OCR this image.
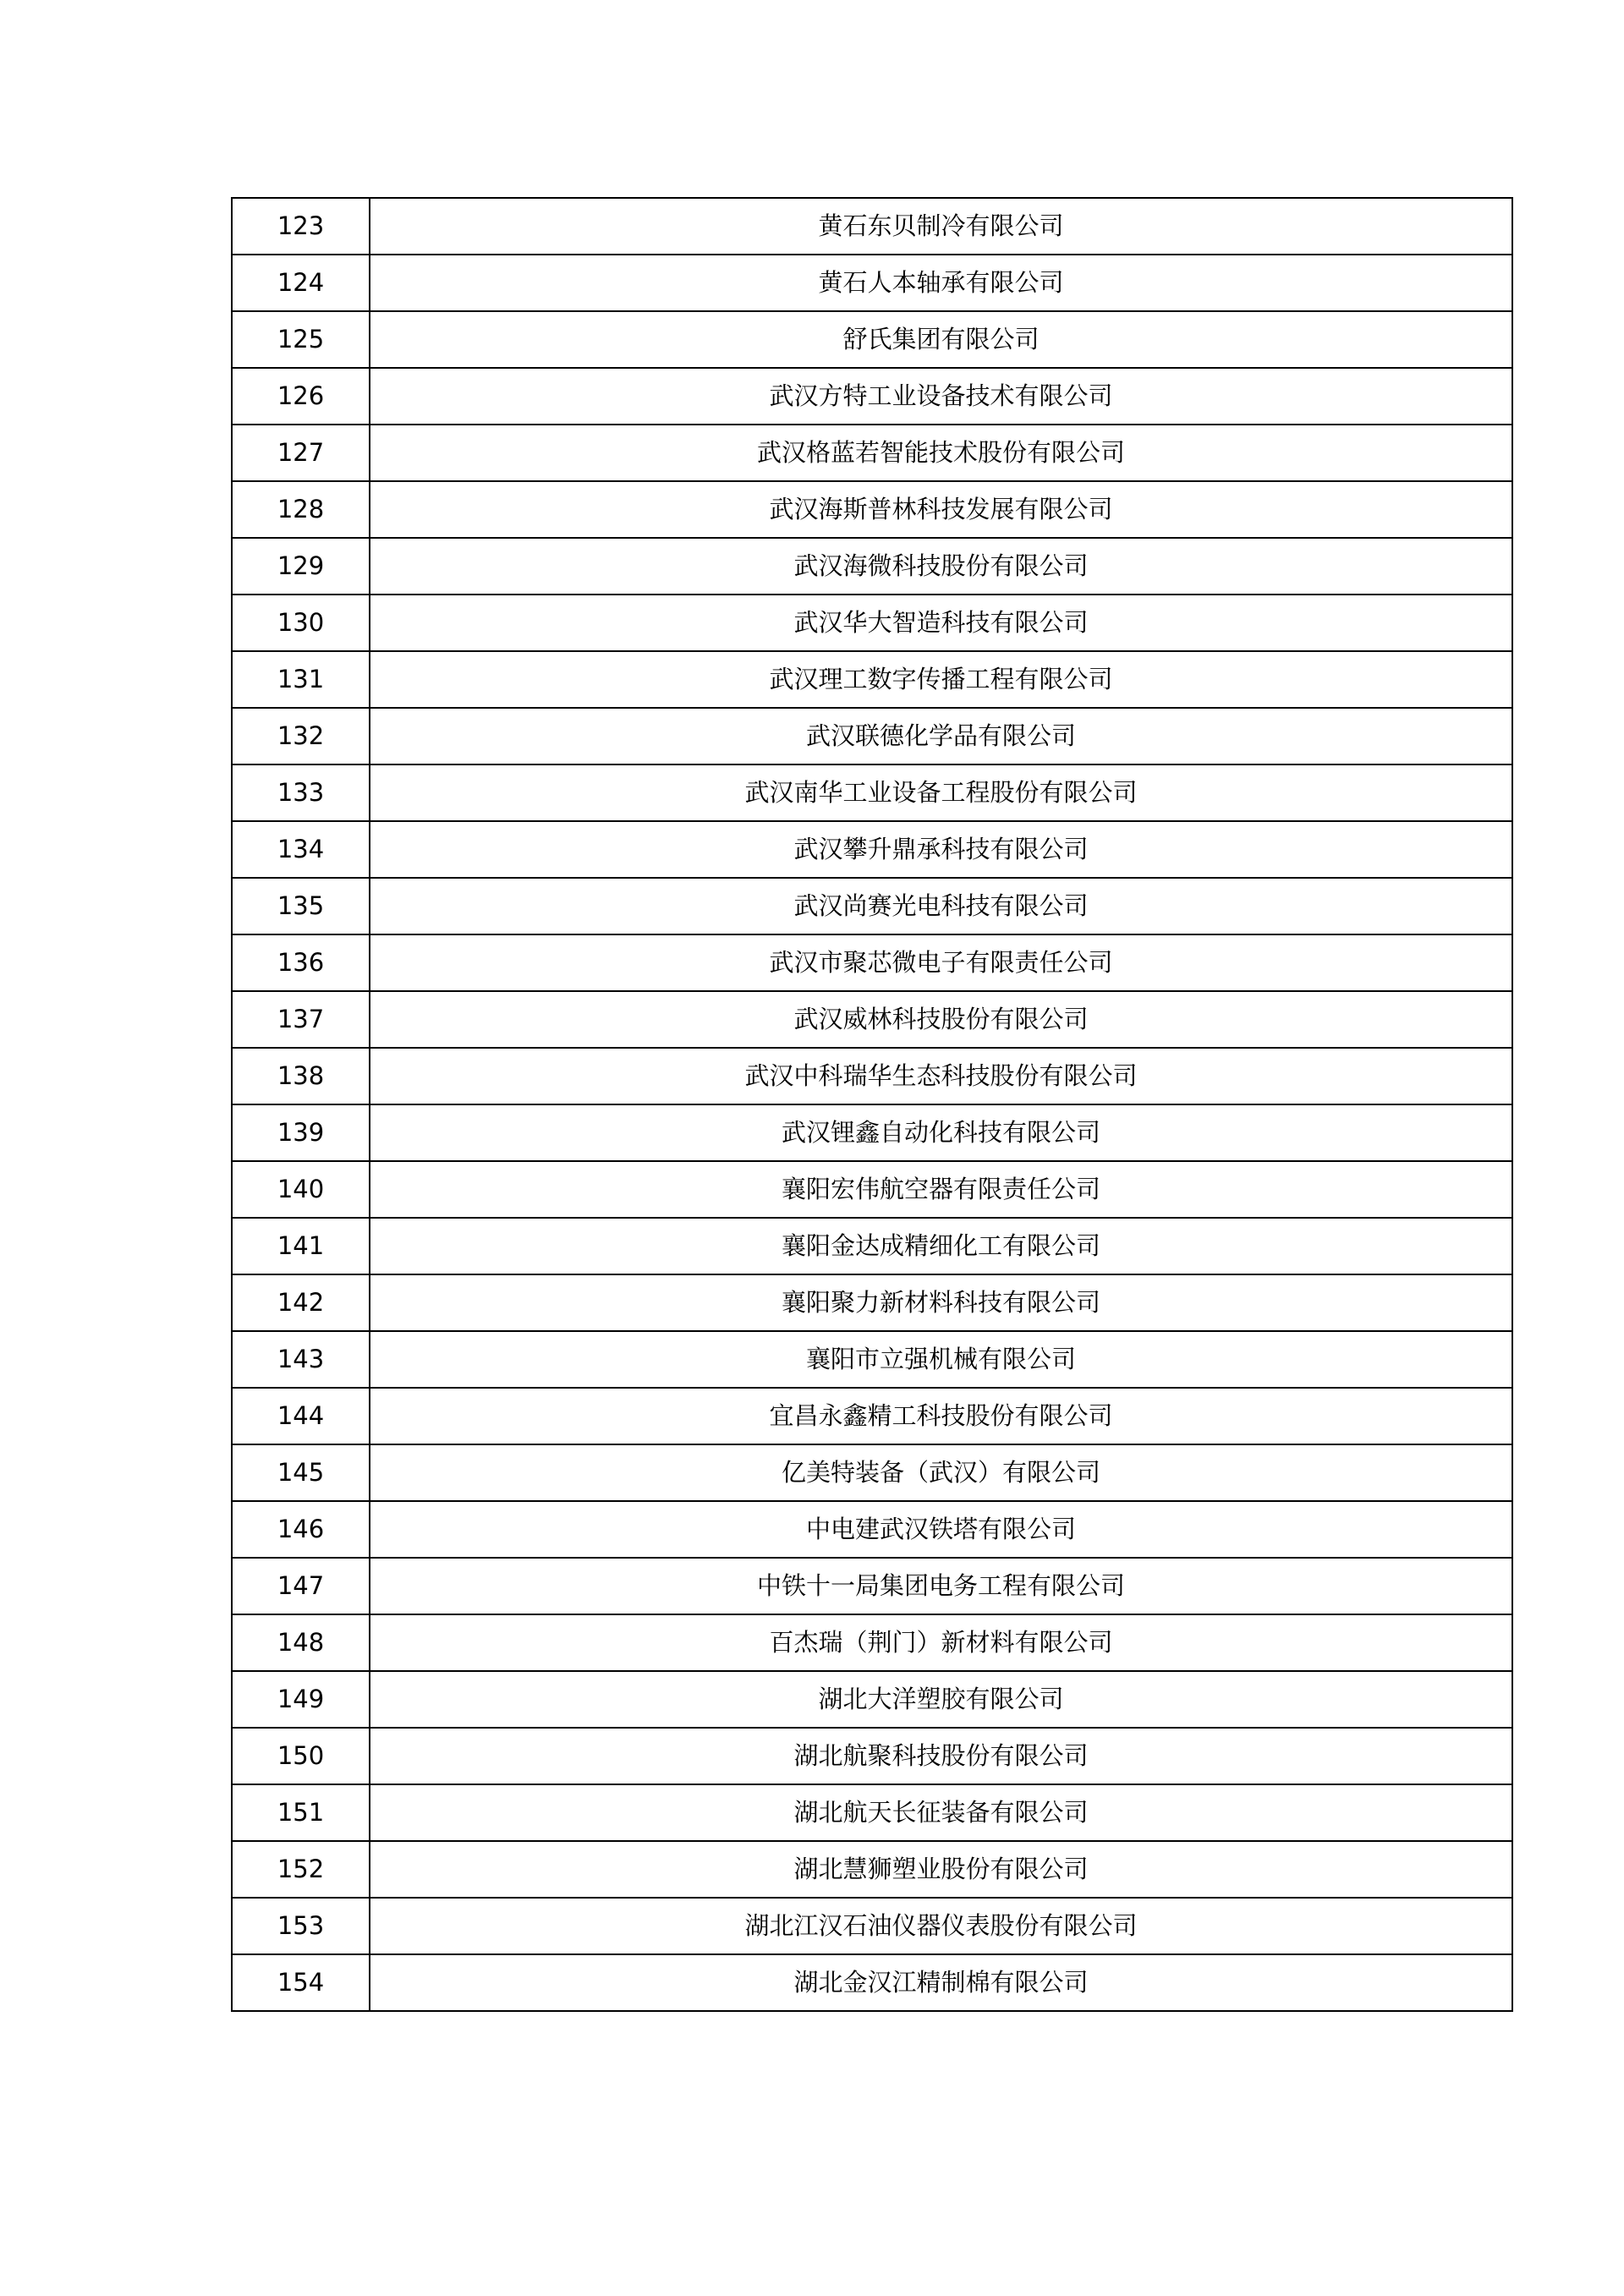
123	黄石东贝制冷有限公司
124	黄石人本轴承有限公司
125	舒氏集团有限公司
126	武汉方特工业设备技术有限公司
127	武汉格蓝若智能技术股份有限公司
128	武汉海斯普林科技发展有限公司
129	武汉海微科技股份有限公司
130	武汉华大智造科技有限公司
131	武汉理工数字传播工程有限公司
132	武汉联德化学品有限公司
133	武汉南华工业设备工程股份有限公司
134	武汉攀升鼎承科技有限公司
135	武汉尚赛光电科技有限公司
136	武汉市聚芯微电子有限责任公司
137	武汉威林科技股份有限公司
138	武汉中科瑞华生态科技股份有限公司
139	武汉锂鑫自动化科技有限公司
140	襄阳宏伟航空器有限责任公司
141	襄阳金达成精细化工有限公司
142	襄阳聚力新材料科技有限公司
143	襄阳市立强机械有限公司
144	宜昌永鑫精工科技股份有限公司
145	亿美特装备（武汉）有限公司
146	中电建武汉铁塔有限公司
147	中铁十一局集团电务工程有限公司
148	百杰瑞（荆门）新材料有限公司
149	湖北大洋塑胶有限公司
150	湖北航聚科技股份有限公司
151	湖北航天长征装备有限公司
152	湖北慧狮塑业股份有限公司
153	湖北江汉石油仪器仪表股份有限公司
154	湖北金汉江精制棉有限公司
